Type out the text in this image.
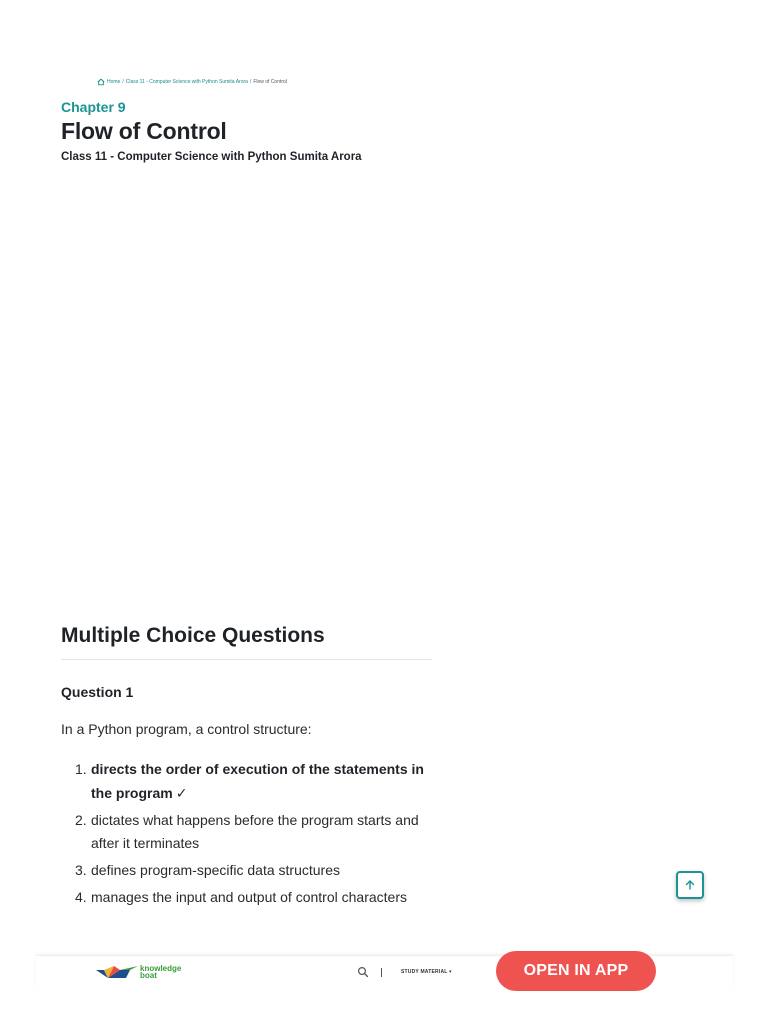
Home / Class 11 - Computer Science with Python Sumita Arora / Flow of Control
Chapter 9
Flow of Control
Class 11 - Computer Science with Python Sumita Arora
Multiple Choice Questions
Question 1

In a Python program, a control structure:

1. directs the order of execution of the statements in the program ✓
2. dictates what happens before the program starts and after it terminates
3. defines program-specific data structures
4. manages the input and output of control characters
knowledge
boat	STUDY MATERIAL ▾	OPEN IN APP
